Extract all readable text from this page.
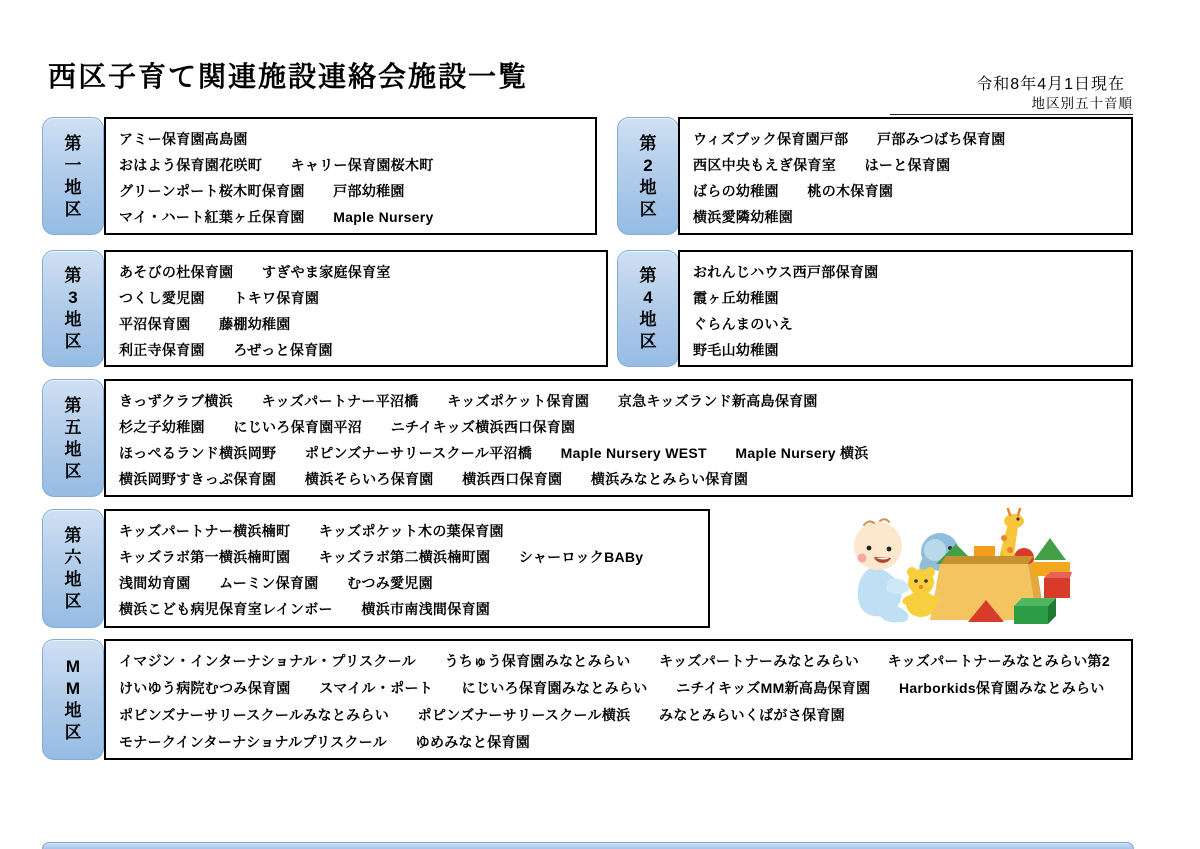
西区子育て関連施設連絡会施設一覧	令和8年4月1日現在
地区別五十音順
第
一
地
区
アミー保育園高島園
おはよう保育園花咲町　　キャリー保育園桜木町
グリーンポート桜木町保育園　　戸部幼稚園
マイ・ハート紅葉ヶ丘保育園　　Maple Nursery
第
2
地
区
ウィズブック保育園戸部　　戸部みつばち保育園
西区中央もえぎ保育室　　はーと保育園
ばらの幼稚園　　桃の木保育園
横浜愛隣幼稚園
第
3
地
区
あそびの杜保育園　　すぎやま家庭保育室
つくし愛児園　　トキワ保育園
平沼保育園　　藤棚幼稚園
利正寺保育園　　ろぜっと保育園
第
4
地
区
おれんじハウス西戸部保育園
霞ヶ丘幼稚園
ぐらんまのいえ
野毛山幼稚園
第
五
地
区
きっずクラブ横浜　　キッズパートナー平沼橋　　キッズポケット保育園　　京急キッズランド新高島保育園
杉之子幼稚園　　にじいろ保育園平沼　　ニチイキッズ横浜西口保育園
ほっぺるランド横浜岡野　　ポピンズナーサリースクール平沼橋　　Maple Nursery WEST　　Maple Nursery 横浜
横浜岡野すきっぷ保育園　　横浜そらいろ保育園　　横浜西口保育園　　横浜みなとみらい保育園
第
六
地
区
キッズパートナー横浜楠町　　キッズポケット木の葉保育園
キッズラボ第一横浜楠町園　　キッズラボ第二横浜楠町園　　シャーロックBABy
浅間幼育園　　ムーミン保育園　　むつみ愛児園
横浜こども病児保育室レインボー　　横浜市南浅間保育園
M
M
地
区
イマジン・インターナショナル・プリスクール　　うちゅう保育園みなとみらい　　キッズパートナーみなとみらい　　キッズパートナーみなとみらい第2
けいゆう病院むつみ保育園　　スマイル・ポート　　にじいろ保育園みなとみらい　　ニチイキッズMM新高島保育園　　Harborkids保育園みなとみらい
ポピンズナーサリースクールみなとみらい　　ポピンズナーサリースクール横浜　　みなとみらいくばがさ保育園
モナークインターナショナルプリスクール　　ゆめみなと保育園
